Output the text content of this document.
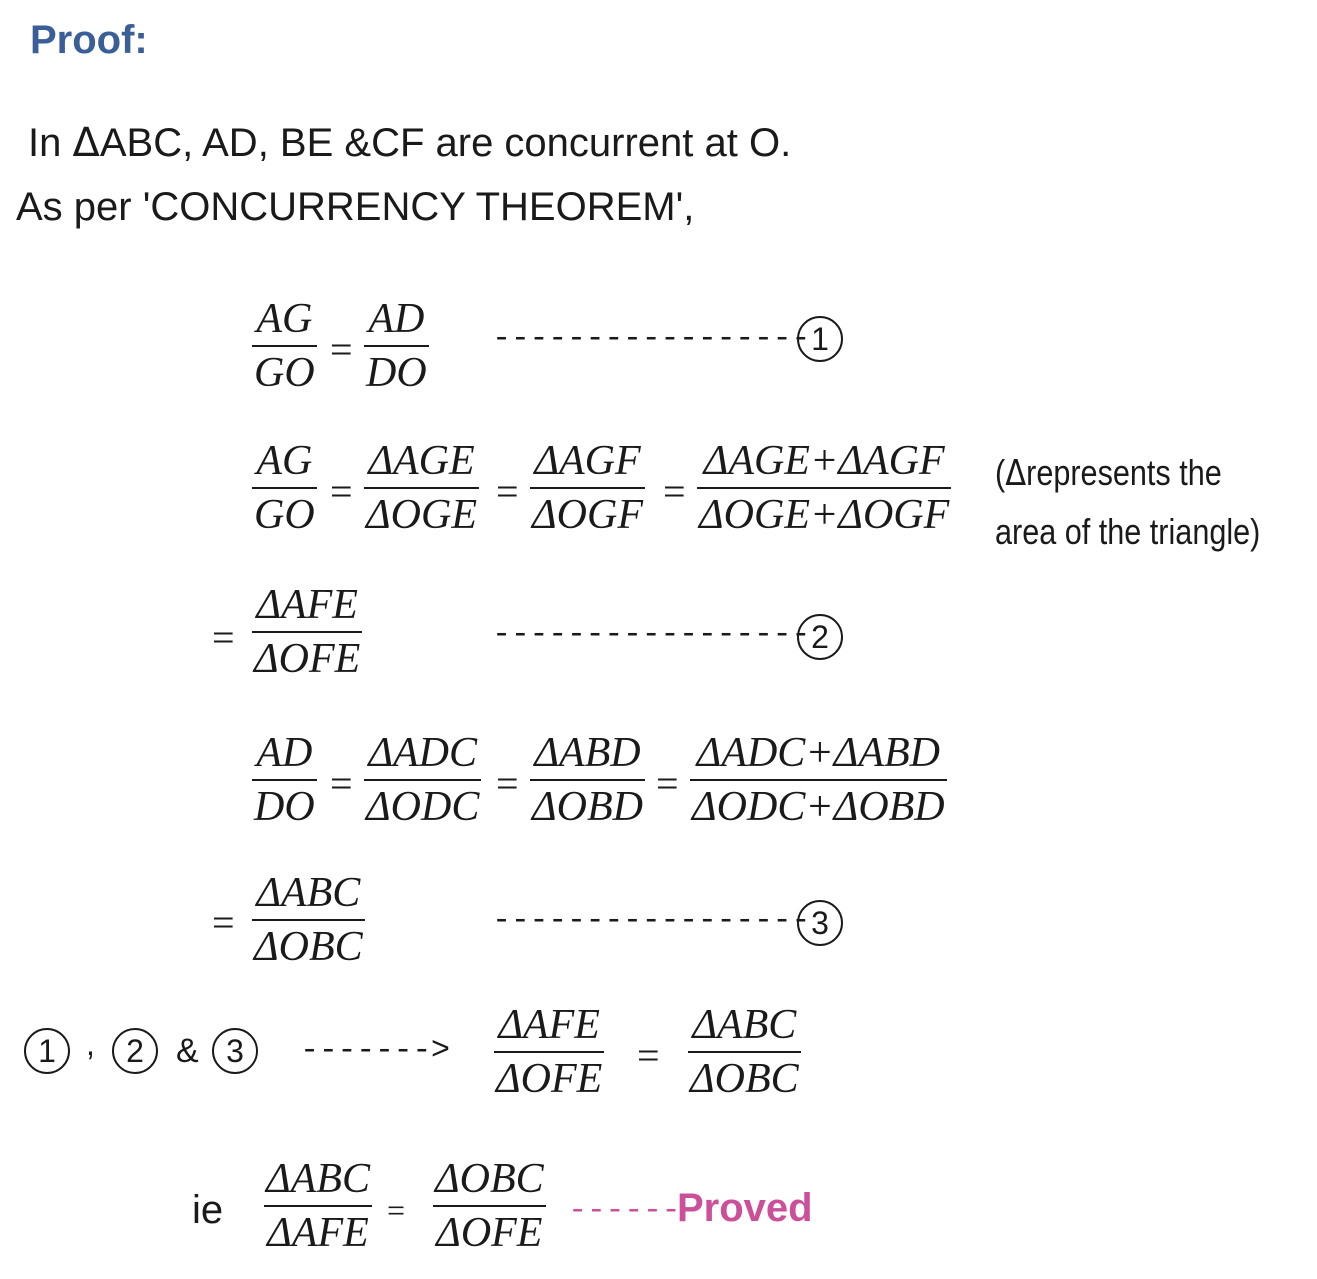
Proof:
In ΔABC, AD, BE &CF are concurrent at O.
As per 'CONCURRENCY THEOREM',
AG
GO
=
AD
DO
----------------- 1
AG
GO
=
ΔAGE
ΔOGE
=
ΔAGF
ΔOGF
=
ΔAGE+ΔAGF
ΔOGE+ΔOGF
(Δrepresents the
area of the triangle)
=
ΔAFE
ΔOFE
----------------- 2
AD
DO
=
ΔADC
ΔODC
=
ΔABD
ΔOBD
=
ΔADC+ΔABD
ΔODC+ΔOBD
=
ΔABC
ΔOBC
----------------- 3
1 , 2 & 3	------->
ΔAFE
ΔOFE
=
ΔABC
ΔOBC
ie
ΔABC
ΔAFE =
ΔOBC
ΔOFE -------
Proved
